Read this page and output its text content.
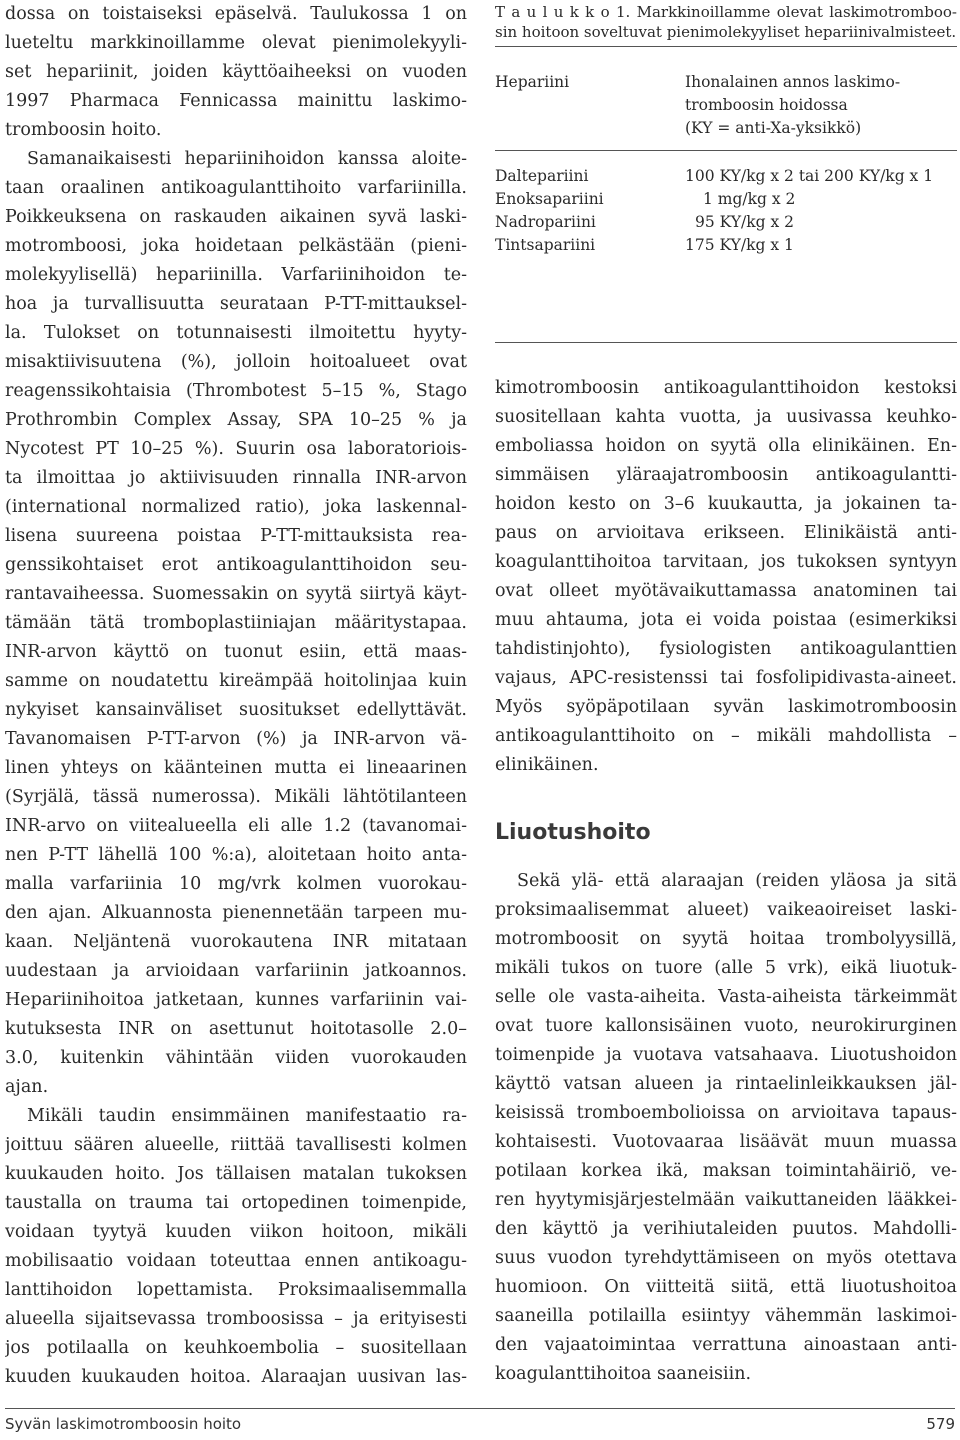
dossa on toistaiseksi epäselvä. Taulukossa 1 on
lueteltu markkinoillamme olevat pienimolekyyli-
set hepariinit, joiden käyttöaiheeksi on vuoden
1997 Pharmaca Fennicassa mainittu laskimo-
tromboosin hoito.
Samanaikaisesti hepariinihoidon kanssa aloite-
taan oraalinen antikoagulanttihoito varfariinilla.
Poikkeuksena on raskauden aikainen syvä laski-
motromboosi, joka hoidetaan pelkästään (pieni-
molekyylisellä) hepariinilla. Varfariinihoidon te-
hoa ja turvallisuutta seurataan P-TT-mittauksel-
la. Tulokset on totunnaisesti ilmoitettu hyyty-
misaktiivisuutena (%), jolloin hoitoalueet ovat
reagenssikohtaisia (Thrombotest 5–15 %, Stago
Prothrombin Complex Assay, SPA 10–25 % ja
Nycotest PT 10–25 %). Suurin osa laboratoriois-
ta ilmoittaa jo aktiivisuuden rinnalla INR-arvon
(international normalized ratio), joka laskennal-
lisena suureena poistaa P-TT-mittauksista rea-
genssikohtaiset erot antikoagulanttihoidon seu-
rantavaiheessa. Suomessakin on syytä siirtyä käyt-
tämään tätä tromboplastiiniajan määritystapaa.
INR-arvon käyttö on tuonut esiin, että maas-
samme on noudatettu kireämpää hoitolinjaa kuin
nykyiset kansainväliset suositukset edellyttävät.
Tavanomaisen P-TT-arvon (%) ja INR-arvon vä-
linen yhteys on käänteinen mutta ei lineaarinen
(Syrjälä, tässä numerossa). Mikäli lähtötilanteen
INR-arvo on viitealueella eli alle 1.2 (tavanomai-
nen P-TT lähellä 100 %:a), aloitetaan hoito anta-
malla varfariinia 10 mg/vrk kolmen vuorokau-
den ajan. Alkuannosta pienennetään tarpeen mu-
kaan. Neljäntenä vuorokautena INR mitataan
uudestaan ja arvioidaan varfariinin jatkoannos.
Hepariinihoitoa jatketaan, kunnes varfariinin vai-
kutuksesta INR on asettunut hoitotasolle 2.0–
3.0, kuitenkin vähintään viiden vuorokauden
ajan.
Mikäli taudin ensimmäinen manifestaatio ra-
joittuu säären alueelle, riittää tavallisesti kolmen
kuukauden hoito. Jos tällaisen matalan tukoksen
taustalla on trauma tai ortopedinen toimenpide,
voidaan tyytyä kuuden viikon hoitoon, mikäli
mobilisaatio voidaan toteuttaa ennen antikoagu-
lanttihoidon lopettamista. Proksimaalisemmalla
alueella sijaitsevassa tromboosissa – ja erityisesti
jos potilaalla on keuhkoembolia – suositellaan
kuuden kuukauden hoitoa. Alaraajan uusivan las-
T a u l u k k o 1. Markkinoillamme olevat laskimotromboo-
sin hoitoon soveltuvat pienimolekyyliset hepariinivalmisteet.
Hepariini	Ihonalainen annos laskimo-
tromboosin hoidossa
(KY = anti-Xa-yksikkö)
Daltepariini	100 KY/kg x 2 tai 200 KY/kg x 1
Enoksapariini	1 mg/kg x 2
Nadropariini	95 KY/kg x 2
Tintsapariini	175 KY/kg x 1
kimotromboosin antikoagulanttihoidon kestoksi
suositellaan kahta vuotta, ja uusivassa keuhko-
emboliassa hoidon on syytä olla elinikäinen. En-
simmäisen yläraajatromboosin antikoagulantti-
hoidon kesto on 3–6 kuukautta, ja jokainen ta-
paus on arvioitava erikseen. Elinikäistä anti-
koagulanttihoitoa tarvitaan, jos tukoksen syntyyn
ovat olleet myötävaikuttamassa anatominen tai
muu ahtauma, jota ei voida poistaa (esimerkiksi
tahdistinjohto), fysiologisten antikoagulanttien
vajaus, APC-resistenssi tai fosfolipidivasta-aineet.
Myös syöpäpotilaan syvän laskimotromboosin
antikoagulanttihoito on – mikäli mahdollista –
elinikäinen.
Liuotushoito
Sekä ylä- että alaraajan (reiden yläosa ja sitä
proksimaalisemmat alueet) vaikeaoireiset laski-
motromboosit on syytä hoitaa trombolyysillä,
mikäli tukos on tuore (alle 5 vrk), eikä liuotuk-
selle ole vasta-aiheita. Vasta-aiheista tärkeimmät
ovat tuore kallonsisäinen vuoto, neurokirurginen
toimenpide ja vuotava vatsahaava. Liuotushoidon
käyttö vatsan alueen ja rintaelinleikkauksen jäl-
keisissä tromboembolioissa on arvioitava tapaus-
kohtaisesti. Vuotovaaraa lisäävät muun muassa
potilaan korkea ikä, maksan toimintahäiriö, ve-
ren hyytymisjärjestelmään vaikuttaneiden lääkkei-
den käyttö ja verihiutaleiden puutos. Mahdolli-
suus vuodon tyrehdyttämiseen on myös otettava
huomioon. On viitteitä siitä, että liuotushoitoa
saaneilla potilailla esiintyy vähemmän laskimoi-
den vajaatoimintaa verrattuna ainoastaan anti-
koagulanttihoitoa saaneisiin.
Syvän laskimotromboosin hoito	579
